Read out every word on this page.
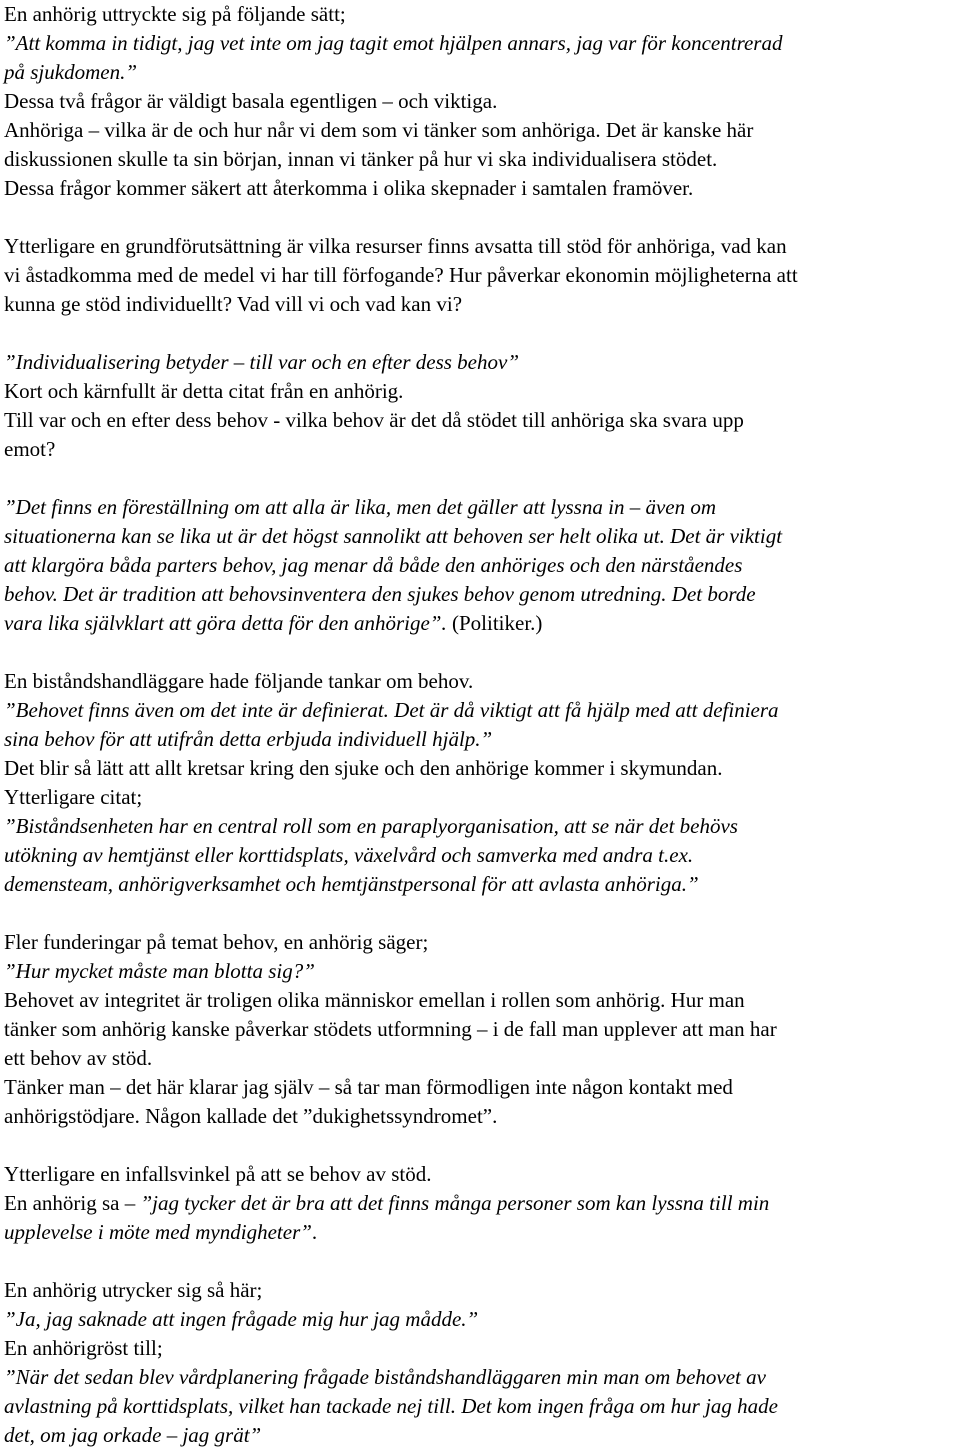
En anhörig uttryckte sig på följande sätt;
”Att komma in tidigt, jag vet inte om jag tagit emot hjälpen annars, jag var för koncentrerad
på sjukdomen.”
Dessa två frågor är väldigt basala egentligen – och viktiga.
Anhöriga – vilka är de och hur når vi dem som vi tänker som anhöriga. Det är kanske här
diskussionen skulle ta sin början, innan vi tänker på hur vi ska individualisera stödet.
Dessa frågor kommer säkert att återkomma i olika skepnader i samtalen framöver.
Ytterligare en grundförutsättning är vilka resurser finns avsatta till stöd för anhöriga, vad kan
vi åstadkomma med de medel vi har till förfogande? Hur påverkar ekonomin möjligheterna att
kunna ge stöd individuellt? Vad vill vi och vad kan vi?
”Individualisering betyder – till var och en efter dess behov”
Kort och kärnfullt är detta citat från en anhörig.
Till var och en efter dess behov - vilka behov är det då stödet till anhöriga ska svara upp
emot?
”Det finns en föreställning om att alla är lika, men det gäller att lyssna in – även om
situationerna kan se lika ut är det högst sannolikt att behoven ser helt olika ut. Det är viktigt
att klargöra båda parters behov, jag menar då både den anhöriges och den närståendes
behov. Det är tradition att behovsinventera den sjukes behov genom utredning. Det borde
vara lika självklart att göra detta för den anhörige”. (Politiker.)
En biståndshandläggare hade följande tankar om behov.
”Behovet finns även om det inte är definierat. Det är då viktigt att få hjälp med att definiera
sina behov för att utifrån detta erbjuda individuell hjälp.”
Det blir så lätt att allt kretsar kring den sjuke och den anhörige kommer i skymundan.
Ytterligare citat;
”Biståndsenheten har en central roll som en paraplyorganisation, att se när det behövs
utökning av hemtjänst eller korttidsplats, växelvård och samverka med andra t.ex.
demensteam, anhörigverksamhet och hemtjänstpersonal för att avlasta anhöriga.”
Fler funderingar på temat behov, en anhörig säger;
”Hur mycket måste man blotta sig?”
Behovet av integritet är troligen olika människor emellan i rollen som anhörig. Hur man
tänker som anhörig kanske påverkar stödets utformning – i de fall man upplever att man har
ett behov av stöd.
Tänker man – det här klarar jag själv – så tar man förmodligen inte någon kontakt med
anhörigstödjare. Någon kallade det ”dukighetssyndromet”.
Ytterligare en infallsvinkel på att se behov av stöd.
En anhörig sa – ”jag tycker det är bra att det finns många personer som kan lyssna till min
upplevelse i möte med myndigheter”.
En anhörig utrycker sig så här;
”Ja, jag saknade att ingen frågade mig hur jag mådde.”
En anhörigröst till;
”När det sedan blev vårdplanering frågade biståndshandläggaren min man om behovet av
avlastning på korttidsplats, vilket han tackade nej till. Det kom ingen fråga om hur jag hade
det, om jag orkade – jag grät”
